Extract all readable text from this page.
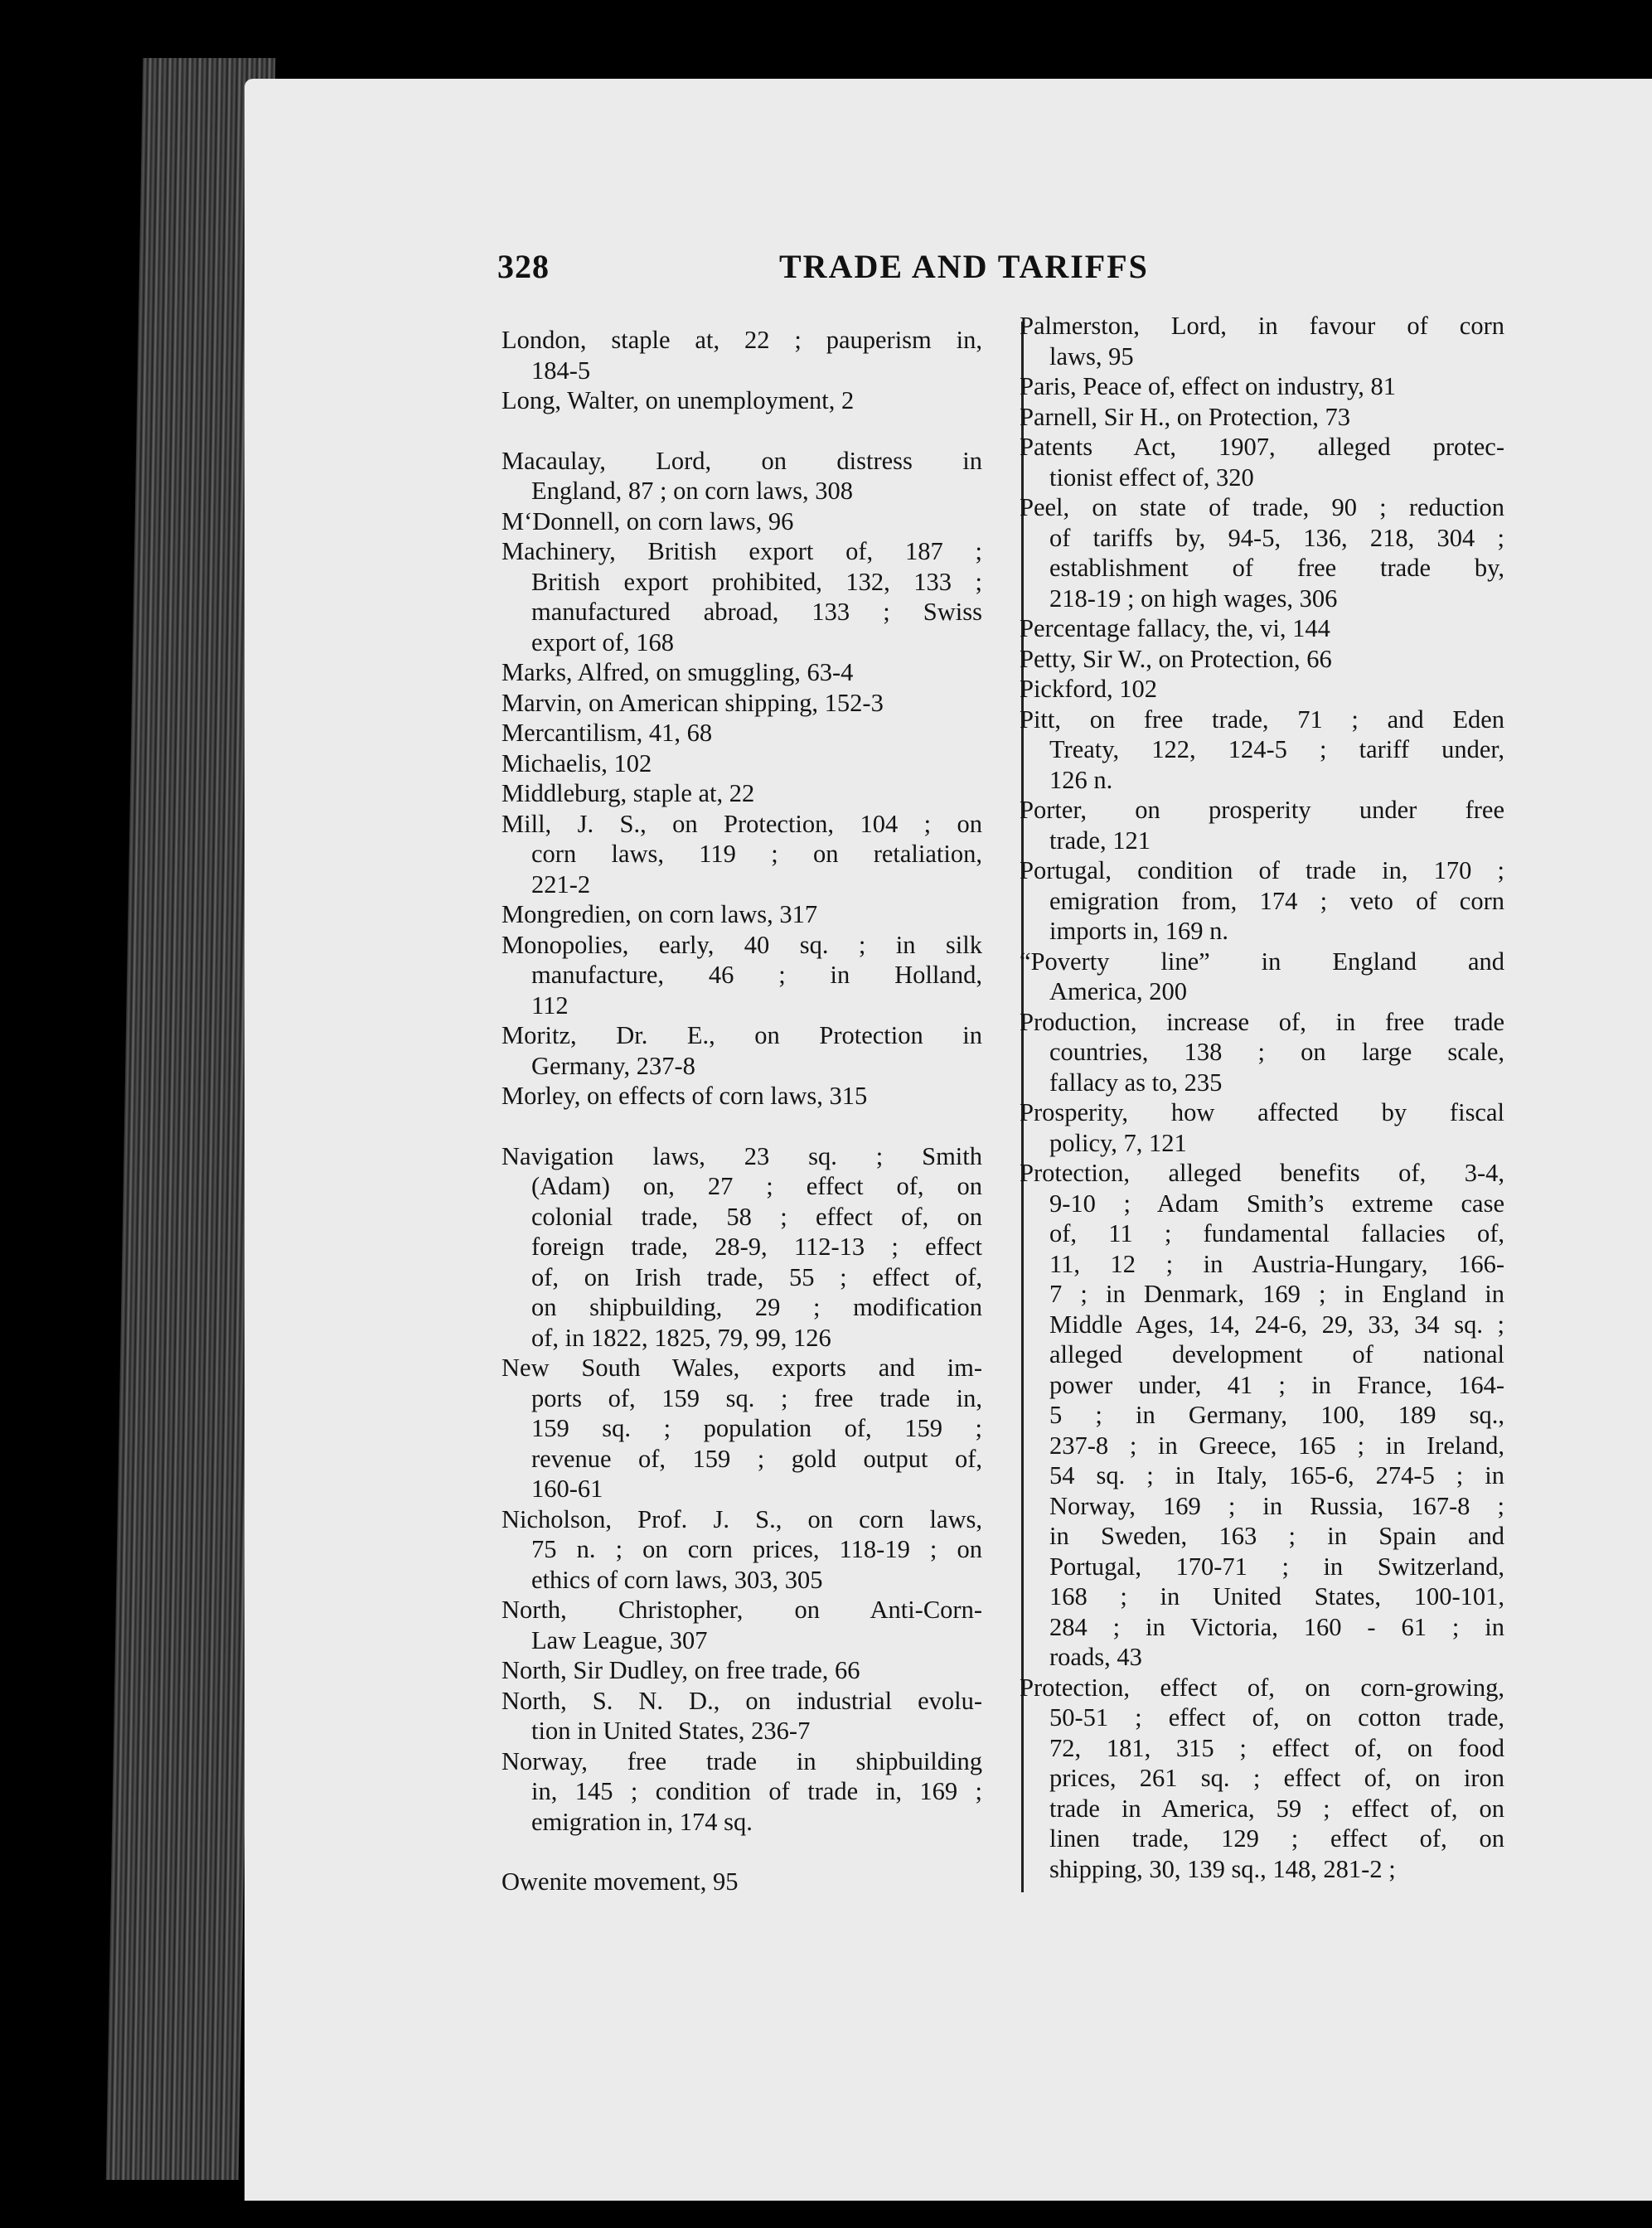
328	TRADE AND TARIFFS
London, staple at, 22 ; pauperism in,
184-5
Long, Walter, on unemployment, 2
Macaulay, Lord, on distress in
England, 87 ; on corn laws, 308
M‘Donnell, on corn laws, 96
Machinery, British export of, 187 ;
British export prohibited, 132, 133 ;
manufactured abroad, 133 ; Swiss
export of, 168
Marks, Alfred, on smuggling, 63-4
Marvin, on American shipping, 152-3
Mercantilism, 41, 68
Michaelis, 102
Middleburg, staple at, 22
Mill, J. S., on Protection, 104 ; on
corn laws, 119 ; on retaliation,
221-2
Mongredien, on corn laws, 317
Monopolies, early, 40 sq. ; in silk
manufacture, 46 ; in Holland,
112
Moritz, Dr. E., on Protection in
Germany, 237-8
Morley, on effects of corn laws, 315
Navigation laws, 23 sq. ; Smith
(Adam) on, 27 ; effect of, on
colonial trade, 58 ; effect of, on
foreign trade, 28-9, 112-13 ; effect
of, on Irish trade, 55 ; effect of,
on shipbuilding, 29 ; modification
of, in 1822, 1825, 79, 99, 126
New South Wales, exports and im-
ports of, 159 sq. ; free trade in,
159 sq. ; population of, 159 ;
revenue of, 159 ; gold output of,
160-61
Nicholson, Prof. J. S., on corn laws,
75 n. ; on corn prices, 118-19 ; on
ethics of corn laws, 303, 305
North, Christopher, on Anti-Corn-
Law League, 307
North, Sir Dudley, on free trade, 66
North, S. N. D., on industrial evolu-
tion in United States, 236-7
Norway, free trade in shipbuilding
in, 145 ; condition of trade in, 169 ;
emigration in, 174 sq.
Owenite movement, 95
Palmerston, Lord, in favour of corn
laws, 95
Paris, Peace of, effect on industry, 81
Parnell, Sir H., on Protection, 73
Patents Act, 1907, alleged protec-
tionist effect of, 320
Peel, on state of trade, 90 ; reduction
of tariffs by, 94-5, 136, 218, 304 ;
establishment of free trade by,
218-19 ; on high wages, 306
Percentage fallacy, the, vi, 144
Petty, Sir W., on Protection, 66
Pickford, 102
Pitt, on free trade, 71 ; and Eden
Treaty, 122, 124-5 ; tariff under,
126 n.
Porter, on prosperity under free
trade, 121
Portugal, condition of trade in, 170 ;
emigration from, 174 ; veto of corn
imports in, 169 n.
“Poverty line” in England and
America, 200
Production, increase of, in free trade
countries, 138 ; on large scale,
fallacy as to, 235
Prosperity, how affected by fiscal
policy, 7, 121
Protection, alleged benefits of, 3-4,
9-10 ; Adam Smith’s extreme case
of, 11 ; fundamental fallacies of,
11, 12 ; in Austria-Hungary, 166-
7 ; in Denmark, 169 ; in England in
Middle Ages, 14, 24-6, 29, 33, 34 sq. ;
alleged development of national
power under, 41 ; in France, 164-
5 ; in Germany, 100, 189 sq.,
237-8 ; in Greece, 165 ; in Ireland,
54 sq. ; in Italy, 165-6, 274-5 ; in
Norway, 169 ; in Russia, 167-8 ;
in Sweden, 163 ; in Spain and
Portugal, 170-71 ; in Switzerland,
168 ; in United States, 100-101,
284 ; in Victoria, 160 - 61 ; in
roads, 43
Protection, effect of, on corn-growing,
50-51 ; effect of, on cotton trade,
72, 181, 315 ; effect of, on food
prices, 261 sq. ; effect of, on iron
trade in America, 59 ; effect of, on
linen trade, 129 ; effect of, on
shipping, 30, 139 sq., 148, 281-2 ;
